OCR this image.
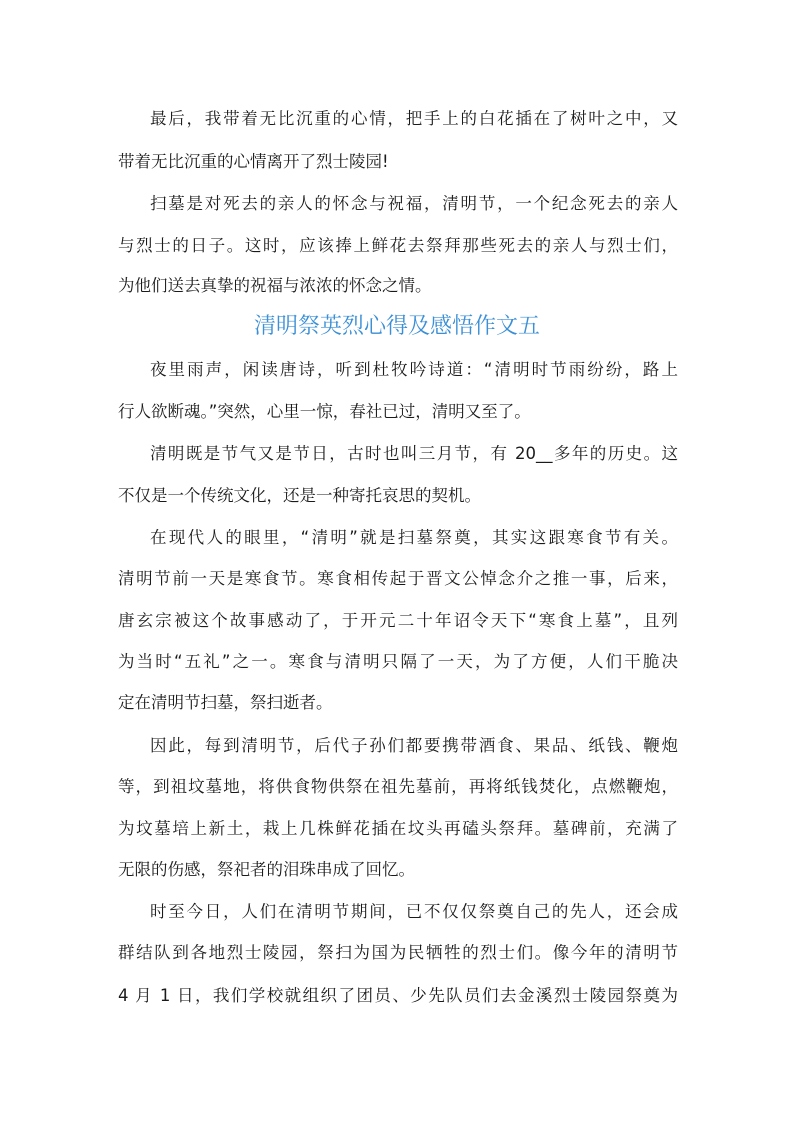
最后，我带着无比沉重的心情，把手上的白花插在了树叶之中，又
带着无比沉重的心情离开了烈士陵园!
扫墓是对死去的亲人的怀念与祝福，清明节，一个纪念死去的亲人
与烈士的日子。这时，应该捧上鲜花去祭拜那些死去的亲人与烈士们，
为他们送去真挚的祝福与浓浓的怀念之情。
清明祭英烈心得及感悟作文五
夜里雨声，闲读唐诗，听到杜牧吟诗道：“清明时节雨纷纷，路上
行人欲断魂。”突然，心里一惊，春社已过，清明又至了。
清明既是节气又是节日，古时也叫三月节，有 20__多年的历史。这
不仅是一个传统文化，还是一种寄托哀思的契机。
在现代人的眼里，“清明”就是扫墓祭奠，其实这跟寒食节有关。
清明节前一天是寒食节。寒食相传起于晋文公悼念介之推一事，后来，
唐玄宗被这个故事感动了，于开元二十年诏令天下“寒食上墓”，且列
为当时“五礼”之一。寒食与清明只隔了一天，为了方便，人们干脆决
定在清明节扫墓，祭扫逝者。
因此，每到清明节，后代子孙们都要携带酒食、果品、纸钱、鞭炮
等，到祖坟墓地，将供食物供祭在祖先墓前，再将纸钱焚化，点燃鞭炮，
为坟墓培上新土，栽上几株鲜花插在坟头再磕头祭拜。墓碑前，充满了
无限的伤感，祭祀者的泪珠串成了回忆。
时至今日，人们在清明节期间，已不仅仅祭奠自己的先人，还会成
群结队到各地烈士陵园，祭扫为国为民牺牲的烈士们。像今年的清明节
4 月 1 日，我们学校就组织了团员、少先队员们去金溪烈士陵园祭奠为
